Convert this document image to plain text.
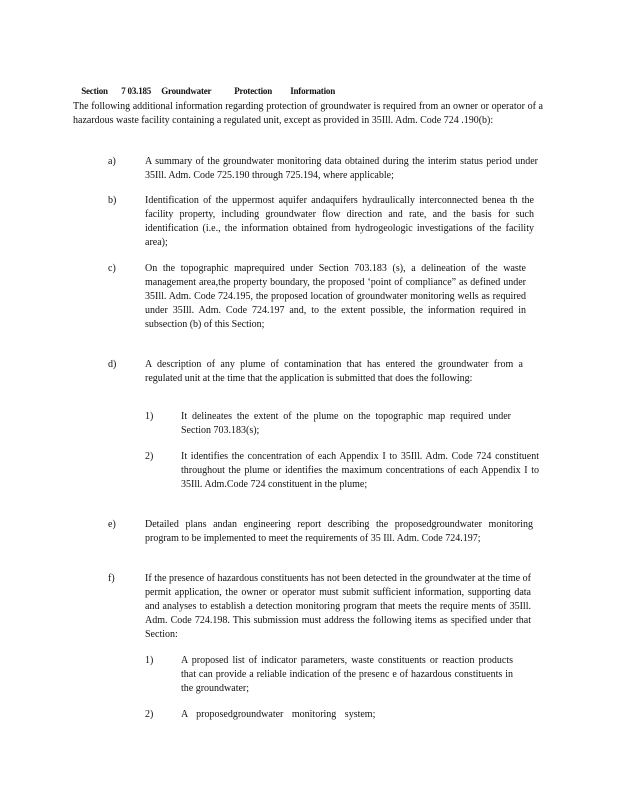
Section 7 03.185 Groundwater	Protection Information

The following additional information regarding protection of groundwater is required from an owner or operator of a hazardous waste facility containing a regulated unit, except as provided in 35Ill. Adm. Code 724 .190(b):
a)	A summary of the groundwater monitoring data obtained during the interim status period under 35Ill. Adm. Code 725.190 through 725.194, where applicable;
b)	Identification of the uppermost aquifer andaquifers hydraulically interconnected benea th the facility property, including groundwater flow direction and rate, and the basis for such identification (i.e., the information obtained from hydrogeologic investigations of the facility area);
c)	On the topographic maprequired under Section 703.183 (s), a delineation of the waste management area,the property boundary, the proposed ‘point of compliance” as defined under 35Ill. Adm. Code 724.195, the proposed location of groundwater monitoring wells as required under 35Ill. Adm. Code 724.197 and, to the extent possible, the information required in subsection (b) of this Section;
d)	A description of any plume of contamination that has entered the groundwater from a regulated unit at the time that the application is submitted that does the following:
1)	It delineates the extent of the plume on the topographic map required under Section 703.183(s);
2)	It identifies the concentration of each Appendix I to 35Ill. Adm. Code 724 constituent throughout the plume or identifies the maximum concentrations of each Appendix I to 35Ill. Adm.Code 724 constituent in the plume;
e)	Detailed plans andan engineering report describing the proposedgroundwater monitoring program to be implemented to meet the requirements of 35 Ill. Adm. Code 724.197;
f)	If the presence of hazardous constituents has not been detected in the groundwater at the time of permit application, the owner or operator must submit sufficient information, supporting data and analyses to establish a detection monitoring program that meets the require ments of 35Ill. Adm. Code 724.198. This submission must address the following items as specified under that Section:
1)	A proposed list of indicator parameters, waste constituents or reaction products that can provide a reliable indication of the presenc e of hazardous constituents in the groundwater;
2)	A proposedgroundwater monitoring system;
